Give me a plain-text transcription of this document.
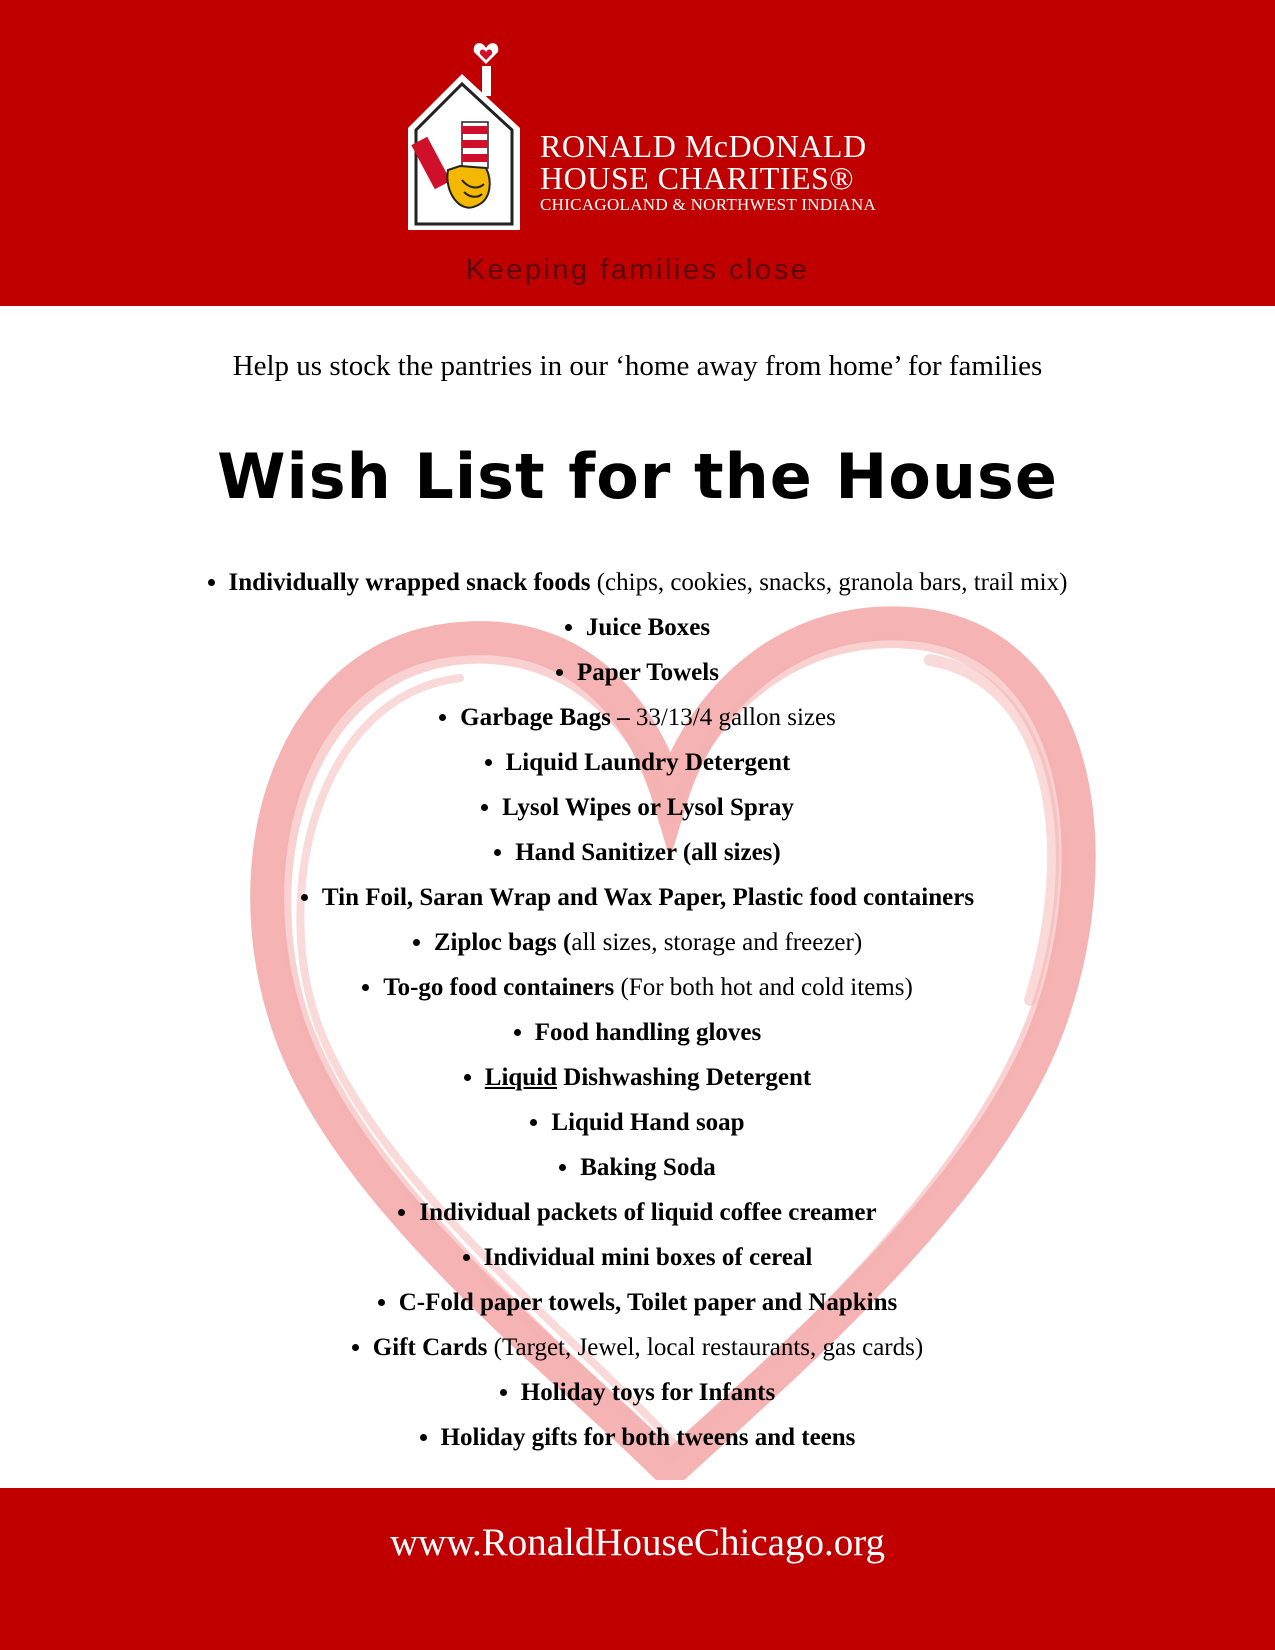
RONALD McDONALD
HOUSE CHARITIES®
CHICAGOLAND & NORTHWEST INDIANA
Keeping families close
Help us stock the pantries in our ‘home away from home’ for families
Wish List for the House
Individually wrapped snack foods (chips, cookies, snacks, granola bars, trail mix)
Juice Boxes
Paper Towels
Garbage Bags – 33/13/4 gallon sizes
Liquid Laundry Detergent
Lysol Wipes or Lysol Spray
Hand Sanitizer (all sizes)
Tin Foil, Saran Wrap and Wax Paper, Plastic food containers
Ziploc bags (all sizes, storage and freezer)
To-go food containers (For both hot and cold items)
Food handling gloves
Liquid Dishwashing Detergent
Liquid Hand soap
Baking Soda
Individual packets of liquid coffee creamer
Individual mini boxes of cereal
C-Fold paper towels, Toilet paper and Napkins
Gift Cards (Target, Jewel, local restaurants, gas cards)
Holiday toys for Infants
Holiday gifts for both tweens and teens
www.RonaldHouseChicago.org
